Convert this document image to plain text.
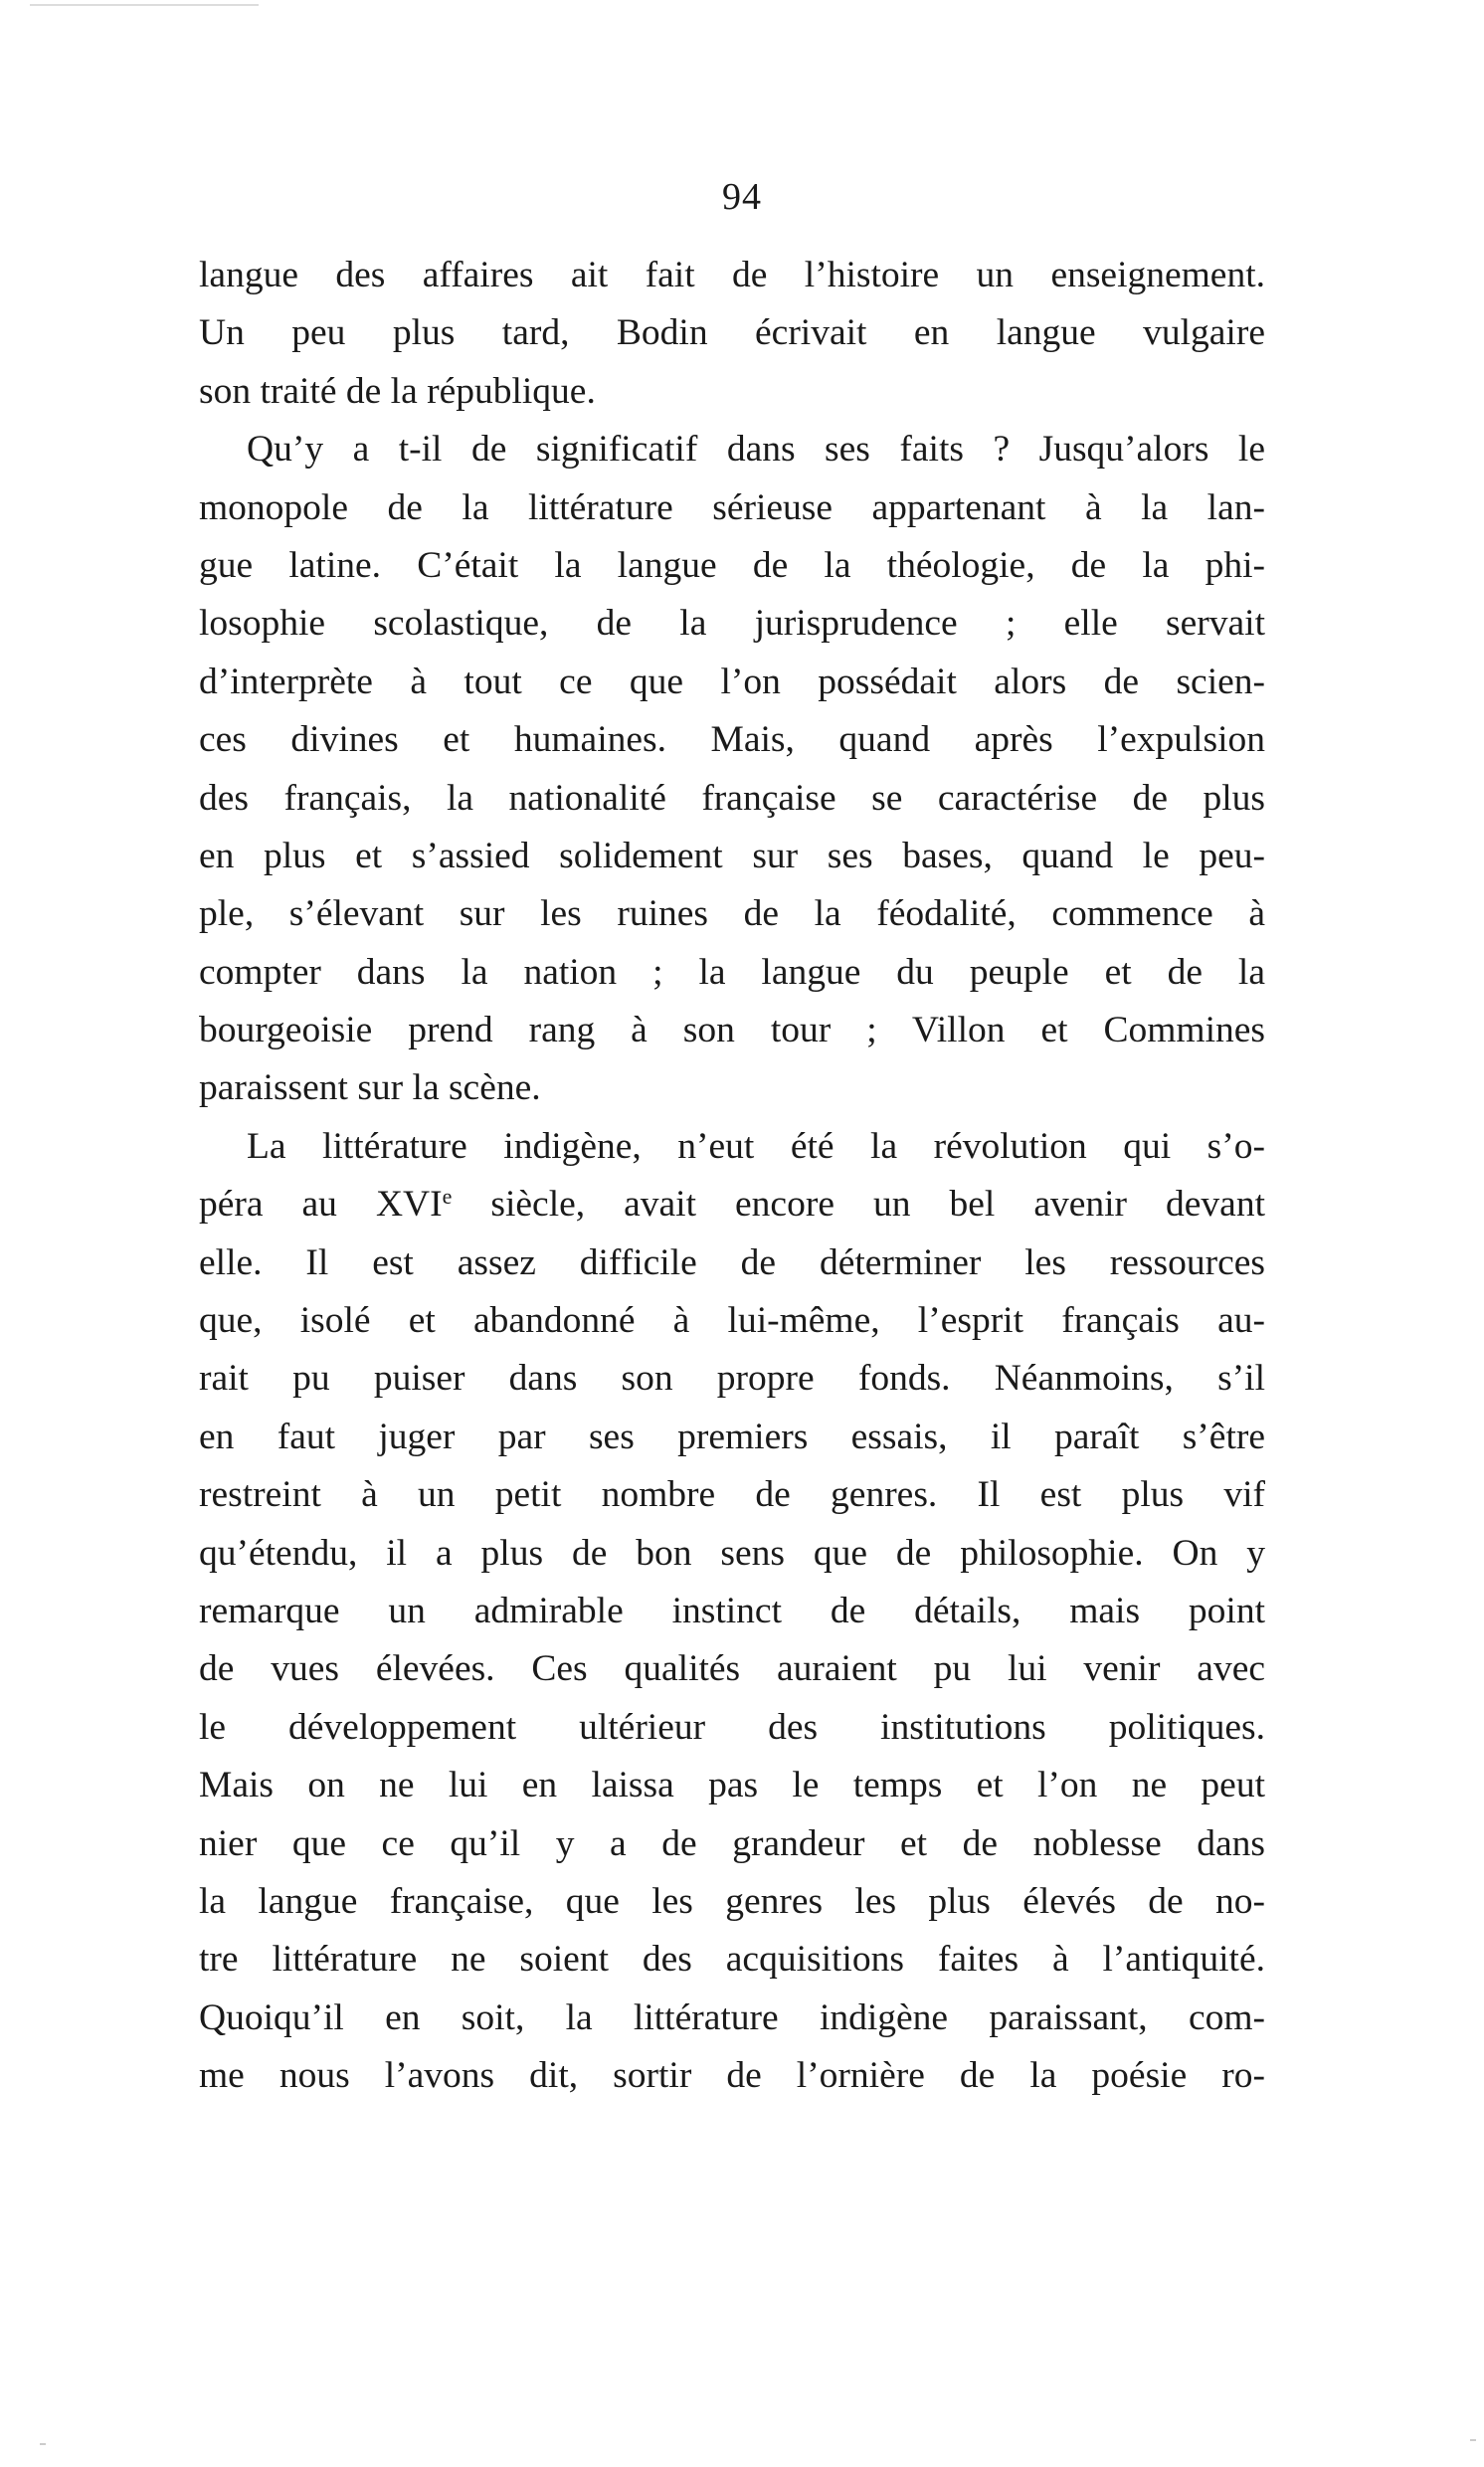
94
langue des affaires ait fait de l’histoire un enseignement.
Un peu plus tard, Bodin écrivait en langue vulgaire
son traité de la république.
Qu’y a t-il de significatif dans ses faits ? Jusqu’alors le
monopole de la littérature sérieuse appartenant à la lan-
gue latine. C’était la langue de la théologie, de la phi-
losophie scolastique, de la jurisprudence ; elle servait
d’interprète à tout ce que l’on possédait alors de scien-
ces divines et humaines. Mais, quand après l’expulsion
des français, la nationalité française se caractérise de plus
en plus et s’assied solidement sur ses bases, quand le peu-
ple, s’élevant sur les ruines de la féodalité, commence à
compter dans la nation ; la langue du peuple et de la
bourgeoisie prend rang à son tour ; Villon et Commines
paraissent sur la scène.
La littérature indigène, n’eut été la révolution qui s’o-
péra au XVIe siècle, avait encore un bel avenir devant
elle. Il est assez difficile de déterminer les ressources
que, isolé et abandonné à lui-même, l’esprit français au-
rait pu puiser dans son propre fonds. Néanmoins, s’il
en faut juger par ses premiers essais, il paraît s’être
restreint à un petit nombre de genres. Il est plus vif
qu’étendu, il a plus de bon sens que de philosophie. On y
remarque un admirable instinct de détails, mais point
de vues élevées. Ces qualités auraient pu lui venir avec
le développement ultérieur des institutions politiques.
Mais on ne lui en laissa pas le temps et l’on ne peut
nier que ce qu’il y a de grandeur et de noblesse dans
la langue française, que les genres les plus élevés de no-
tre littérature ne soient des acquisitions faites à l’antiquité.
Quoiqu’il en soit, la littérature indigène paraissant, com-
me nous l’avons dit, sortir de l’ornière de la poésie ro-
